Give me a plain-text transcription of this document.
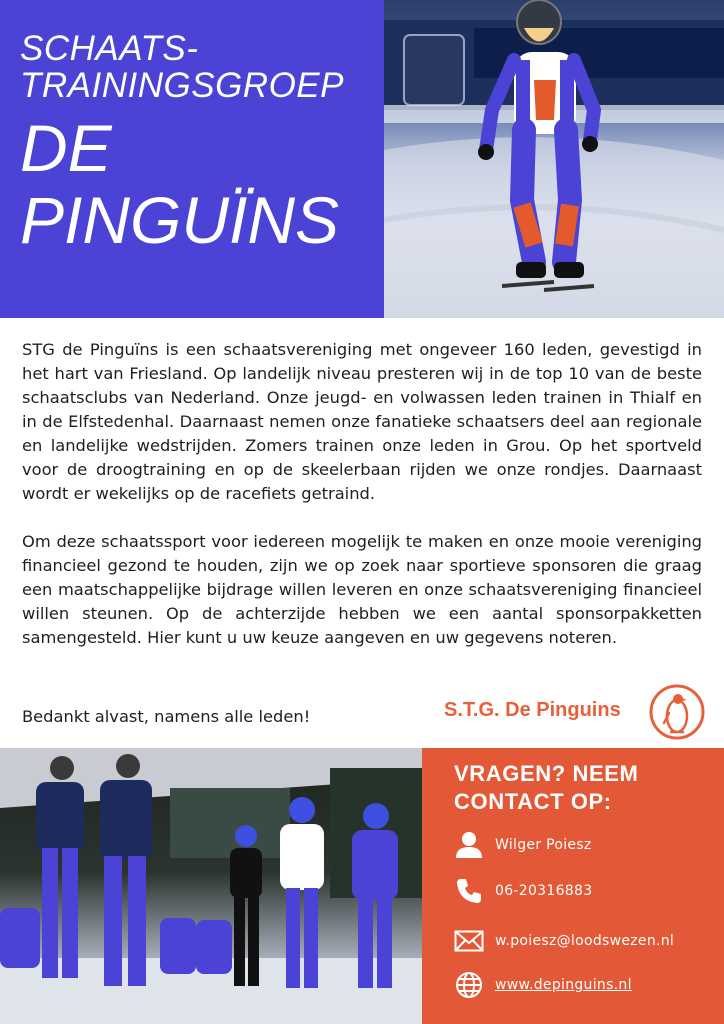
SCHAATS-
TRAININGSGROEP
DE
PINGUÏNS

STG de Pinguïns is een schaatsvereniging met ongeveer 160 leden, gevestigd in het hart van Friesland. Op landelijk niveau presteren wij in de top 10 van de beste schaatsclubs van Nederland. Onze jeugd- en volwassen leden trainen in Thialf en in de Elfstedenhal. Daarnaast nemen onze fanatieke schaatsers deel aan regionale en landelijke wedstrijden. Zomers trainen onze leden in Grou. Op het sportveld voor de droogtraining en op de skeelerbaan rijden we onze rondjes. Daarnaast wordt er wekelijks op de racefiets getraind.

Om deze schaatssport voor iedereen mogelijk te maken en onze mooie vereniging financieel gezond te houden, zijn we op zoek naar sportieve sponsoren die graag een maatschappelijke bijdrage willen leveren en onze schaatsvereniging financieel willen steunen. Op de achterzijde hebben we een aantal sponsorpakketten samengesteld. Hier kunt u uw keuze aangeven en uw gegevens noteren.

Bedankt alvast, namens alle leden!	S.T.G. De Pinguins
VRAGEN? NEEM
CONTACT OP:
Wilger Poiesz
06-20316883
w.poiesz@loodswezen.nl
www.depinguins.nl
